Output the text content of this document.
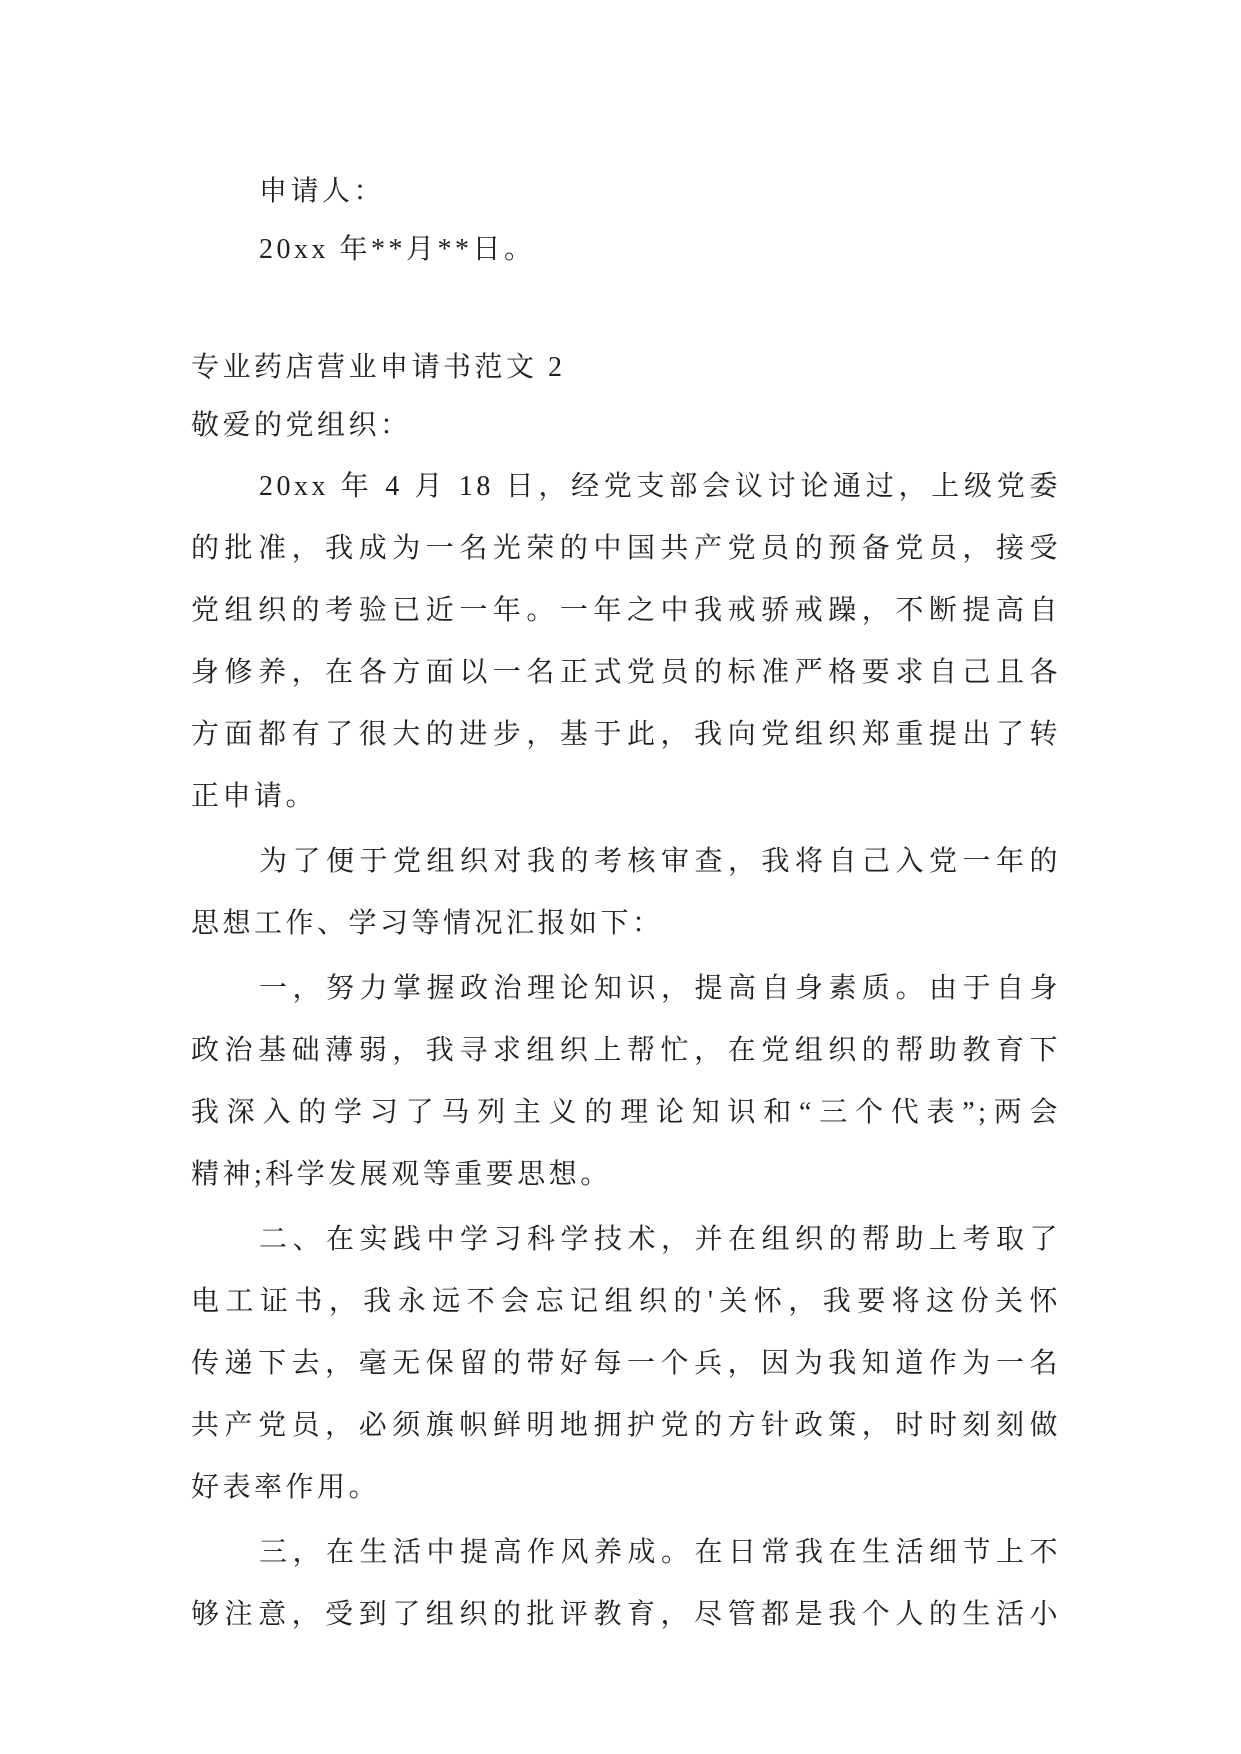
申请人：
20xx 年**月**日。
专业药店营业申请书范文 2
敬爱的党组织：
20xx 年 4 月 18 日，经党支部会议讨论通过，上级党委
的批准，我成为一名光荣的中国共产党员的预备党员，接受
党组织的考验已近一年。一年之中我戒骄戒躁，不断提高自
身修养，在各方面以一名正式党员的标准严格要求自己且各
方面都有了很大的进步，基于此，我向党组织郑重提出了转
正申请。
为了便于党组织对我的考核审查，我将自己入党一年的
思想工作、学习等情况汇报如下：
一，努力掌握政治理论知识，提高自身素质。由于自身
政治基础薄弱，我寻求组织上帮忙，在党组织的帮助教育下
我深入的学习了马列主义的理论知识和“三个代表”;两会
精神;科学发展观等重要思想。
二、在实践中学习科学技术，并在组织的帮助上考取了
电工证书，我永远不会忘记组织的'关怀，我要将这份关怀
传递下去，毫无保留的带好每一个兵，因为我知道作为一名
共产党员，必须旗帜鲜明地拥护党的方针政策，时时刻刻做
好表率作用。
三，在生活中提高作风养成。在日常我在生活细节上不
够注意，受到了组织的批评教育，尽管都是我个人的生活小
